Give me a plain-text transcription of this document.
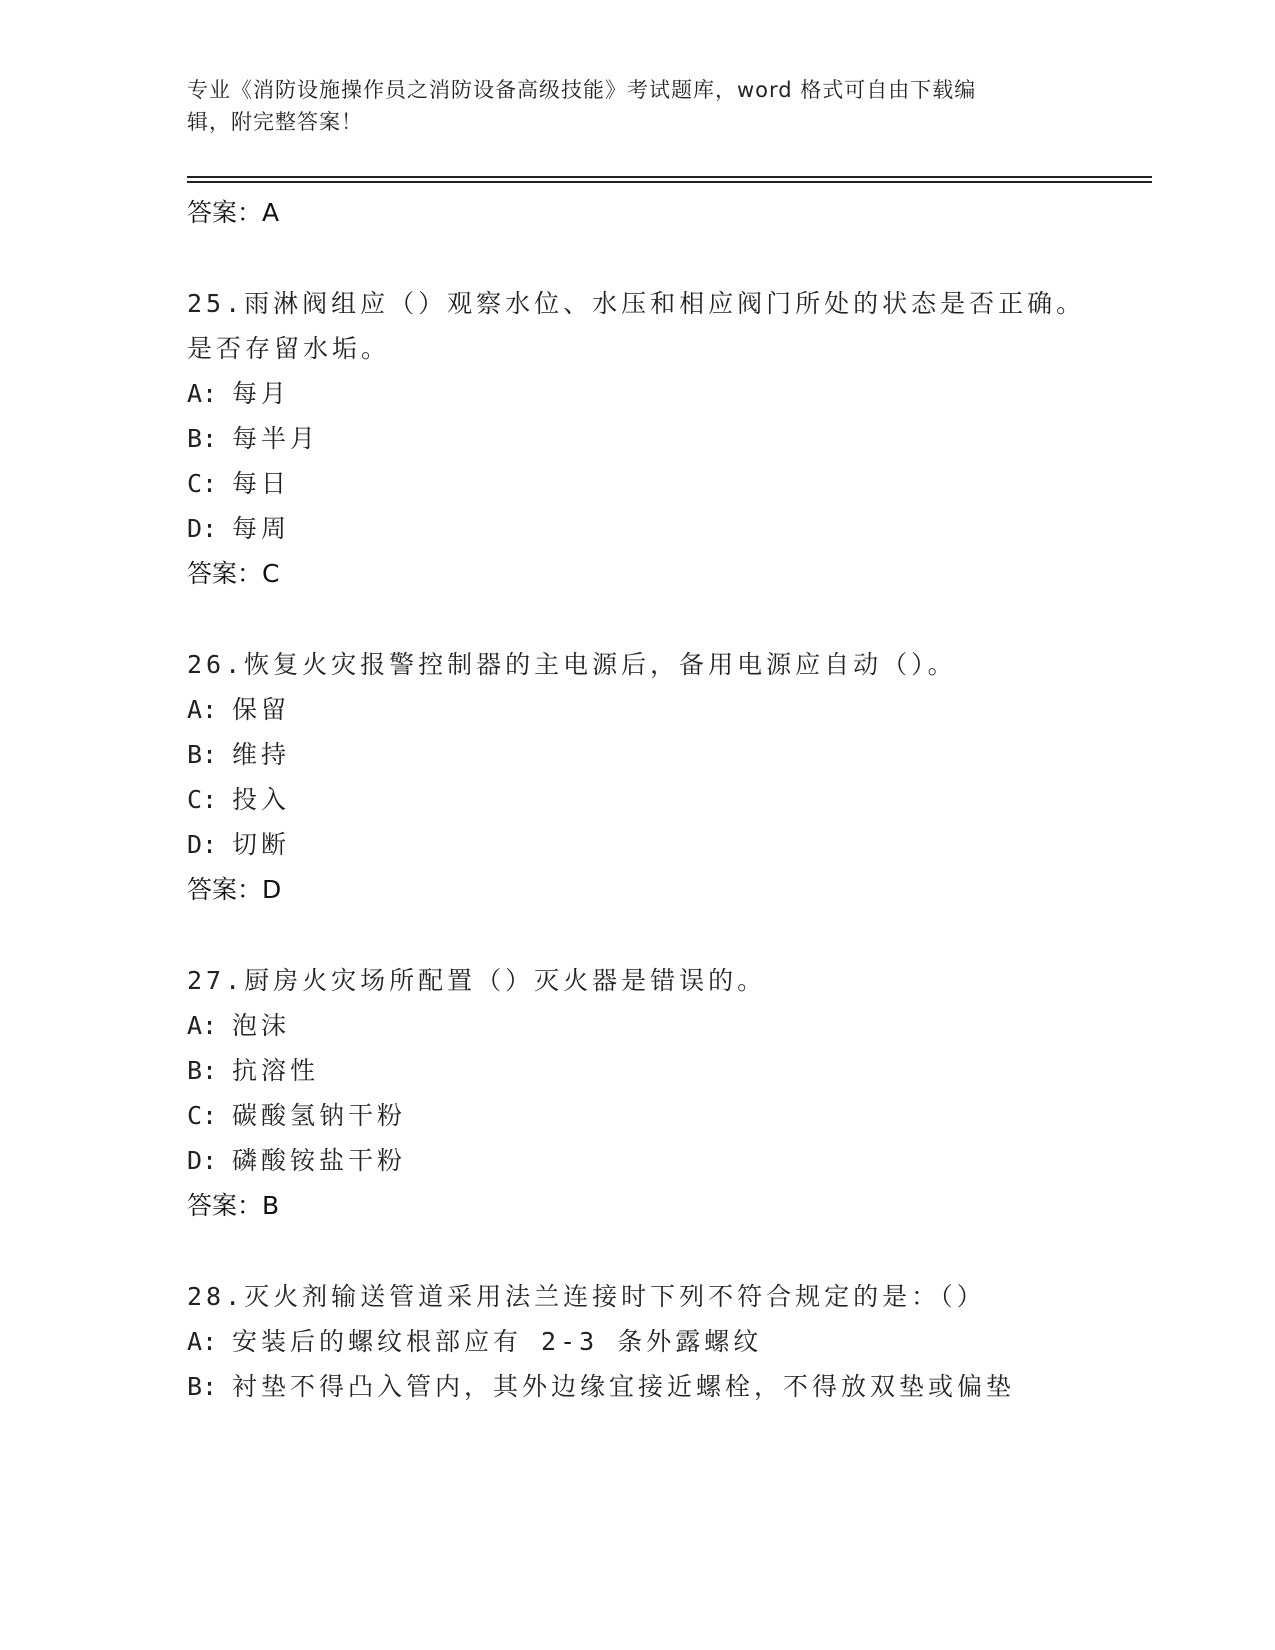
专业《消防设施操作员之消防设备高级技能》考试题库，word 格式可自由下载编
辑，附完整答案！
答案：A
25.雨淋阀组应（）观察水位、水压和相应阀门所处的状态是否正确。
是否存留水垢。
A: 每月
B: 每半月
C: 每日
D: 每周
答案：C
26.恢复火灾报警控制器的主电源后，备用电源应自动（）。
A: 保留
B: 维持
C: 投入
D: 切断
答案：D
27.厨房火灾场所配置（）灭火器是错误的。
A: 泡沫
B: 抗溶性
C: 碳酸氢钠干粉
D: 磷酸铵盐干粉
答案：B
28.灭火剂输送管道采用法兰连接时下列不符合规定的是：（）
A: 安装后的螺纹根部应有 2-3 条外露螺纹
B: 衬垫不得凸入管内，其外边缘宜接近螺栓，不得放双垫或偏垫
